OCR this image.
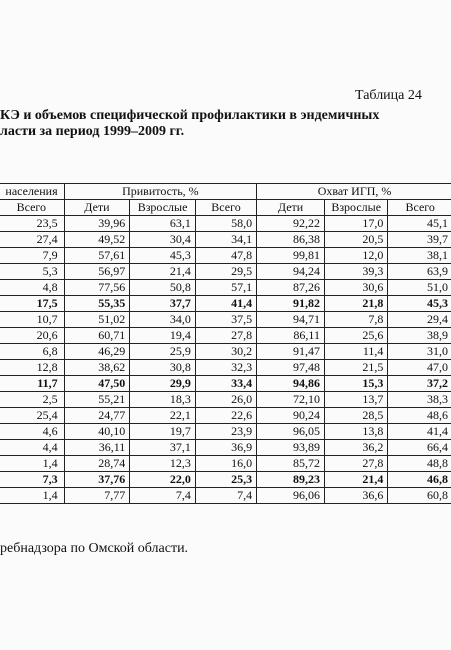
Таблица 24
КЭ и объемов специфической профилактики в эндемичных
ласти за период 1999–2009 гг.
населения	Привитость, %			Охват ИГП, %		
Всего	Дети	Взрослые	Всего	Дети	Взрослые	Всего
23,5	39,96	63,1	58,0	92,22	17,0	45,1
27,4	49,52	30,4	34,1	86,38	20,5	39,7
7,9	57,61	45,3	47,8	99,81	12,0	38,1
5,3	56,97	21,4	29,5	94,24	39,3	63,9
4,8	77,56	50,8	57,1	87,26	30,6	51,0
17,5	55,35	37,7	41,4	91,82	21,8	45,3
10,7	51,02	34,0	37,5	94,71	7,8	29,4
20,6	60,71	19,4	27,8	86,11	25,6	38,9
6,8	46,29	25,9	30,2	91,47	11,4	31,0
12,8	38,62	30,8	32,3	97,48	21,5	47,0
11,7	47,50	29,9	33,4	94,86	15,3	37,2
2,5	55,21	18,3	26,0	72,10	13,7	38,3
25,4	24,77	22,1	22,6	90,24	28,5	48,6
4,6	40,10	19,7	23,9	96,05	13,8	41,4
4,4	36,11	37,1	36,9	93,89	36,2	66,4
1,4	28,74	12,3	16,0	85,72	27,8	48,8
7,3	37,76	22,0	25,3	89,23	21,4	46,8
1,4	7,77	7,4	7,4	96,06	36,6	60,8
ребнадзора по Омской области.
